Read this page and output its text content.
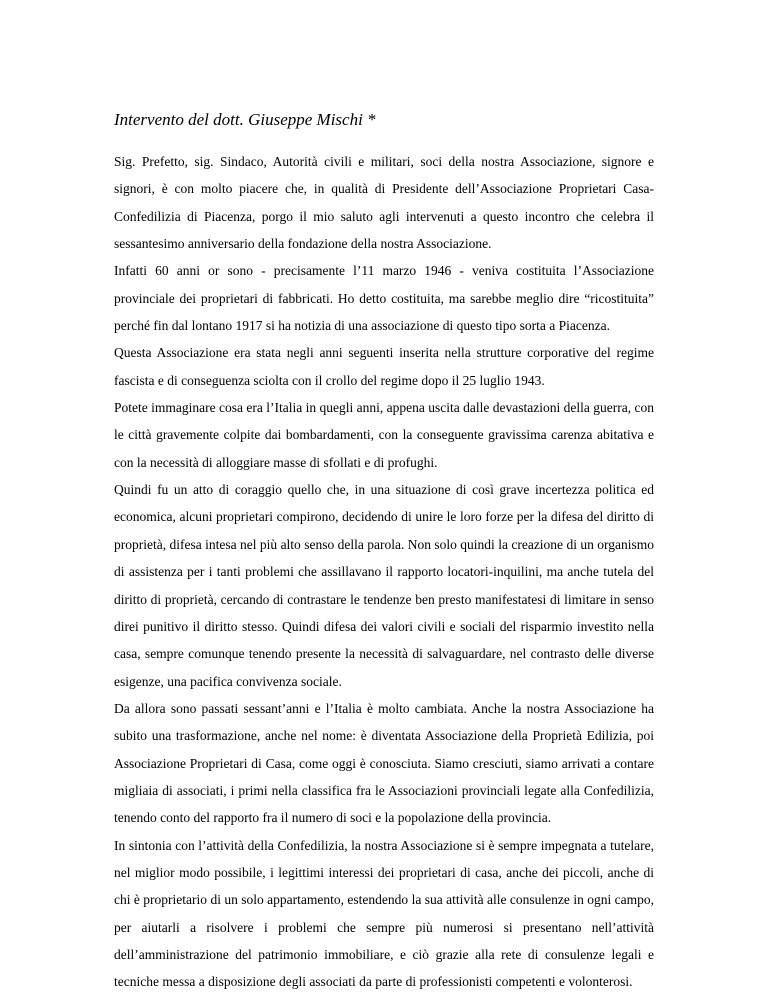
Intervento del dott. Giuseppe Mischi *
Sig. Prefetto, sig. Sindaco, Autorità civili e militari, soci della nostra Associazione, signore e
signori, è con molto piacere che, in qualità di Presidente dell’Associazione Proprietari Casa-
Confedilizia di Piacenza, porgo il mio saluto agli intervenuti a questo incontro che celebra il
sessantesimo anniversario della fondazione della nostra Associazione.
Infatti 60 anni or sono - precisamente l’11 marzo 1946 - veniva costituita l’Associazione
provinciale dei proprietari di fabbricati. Ho detto costituita, ma sarebbe meglio dire “ricostituita”
perché fin dal lontano 1917 si ha notizia di una associazione di questo tipo sorta a Piacenza.
Questa Associazione era stata negli anni seguenti inserita nella strutture corporative del regime
fascista e di conseguenza sciolta con il crollo del regime dopo il 25 luglio 1943.
Potete immaginare cosa era l’Italia in quegli anni, appena uscita dalle devastazioni della guerra, con
le città gravemente colpite dai bombardamenti, con la conseguente gravissima carenza abitativa e
con la necessità di alloggiare masse di sfollati e di profughi.
Quindi fu un atto di coraggio quello che, in una situazione di così grave incertezza politica ed
economica, alcuni proprietari compirono, decidendo di unire le loro forze per la difesa del diritto di
proprietà, difesa intesa nel più alto senso della parola. Non solo quindi la creazione di un organismo
di assistenza per i tanti problemi che assillavano il rapporto locatori-inquilini, ma anche tutela del
diritto di proprietà, cercando di contrastare le tendenze ben presto manifestatesi di limitare in senso
direi punitivo il diritto stesso. Quindi difesa dei valori civili e sociali del risparmio investito nella
casa, sempre comunque tenendo presente la necessità di salvaguardare, nel contrasto delle diverse
esigenze, una pacifica convivenza sociale.
Da allora sono passati sessant’anni e l’Italia è molto cambiata. Anche la nostra Associazione ha
subito una trasformazione, anche nel nome: è diventata Associazione della Proprietà Edilizia, poi
Associazione Proprietari di Casa, come oggi è conosciuta. Siamo cresciuti, siamo arrivati a contare
migliaia di associati, i primi nella classifica fra le Associazioni provinciali legate alla Confedilizia,
tenendo conto del rapporto fra il numero di soci e la popolazione della provincia.
In sintonia con l’attività della Confedilizia, la nostra Associazione si è sempre impegnata a tutelare,
nel miglior modo possibile, i legittimi interessi dei proprietari di casa, anche dei piccoli, anche di
chi è proprietario di un solo appartamento, estendendo la sua attività alle consulenze in ogni campo,
per aiutarli a risolvere i problemi che sempre più numerosi si presentano nell’attività
dell’amministrazione del patrimonio immobiliare, e ciò grazie alla rete di consulenze legali e
tecniche messa a disposizione degli associati da parte di professionisti competenti e volonterosi.
